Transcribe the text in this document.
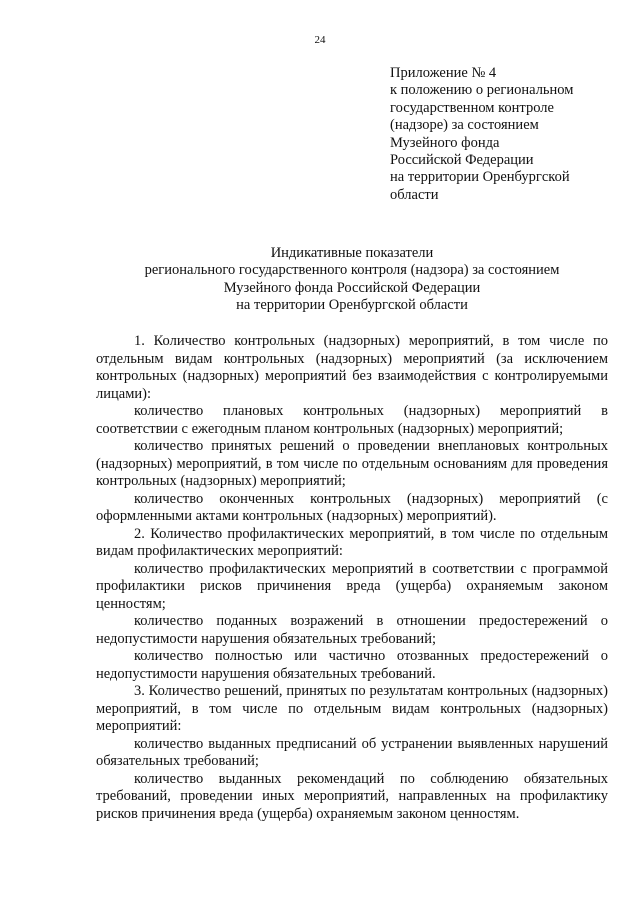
24
Приложение № 4
к положению о региональном
государственном контроле
(надзоре) за состоянием
Музейного фонда
Российской Федерации
на территории Оренбургской
области
Индикативные показатели
регионального государственного контроля (надзора) за состоянием
Музейного фонда Российской Федерации
на территории Оренбургской области

1. Количество контрольных (надзорных) мероприятий, в том числе по отдельным видам контрольных (надзорных) мероприятий (за исключением контрольных (надзорных) мероприятий без взаимодействия с контролируемыми лицами):

количество плановых контрольных (надзорных) мероприятий в соответствии с ежегодным планом контрольных (надзорных) мероприятий;

количество принятых решений о проведении внеплановых контрольных (надзорных) мероприятий, в том числе по отдельным основаниям для проведения контрольных (надзорных) мероприятий;

количество оконченных контрольных (надзорных) мероприятий (с оформленными актами контрольных (надзорных) мероприятий).

2. Количество профилактических мероприятий, в том числе по отдельным видам профилактических мероприятий:

количество профилактических мероприятий в соответствии с программой профилактики рисков причинения вреда (ущерба) охраняемым законом ценностям;

количество поданных возражений в отношении предостережений о недопустимости нарушения обязательных требований;

количество полностью или частично отозванных предостережений о недопустимости нарушения обязательных требований.

3. Количество решений, принятых по результатам контрольных (надзорных) мероприятий, в том числе по отдельным видам контрольных (надзорных) мероприятий:

количество выданных предписаний об устранении выявленных нарушений обязательных требований;

количество выданных рекомендаций по соблюдению обязательных требований, проведении иных мероприятий, направленных на профилактику рисков причинения вреда (ущерба) охраняемым законом ценностям.
